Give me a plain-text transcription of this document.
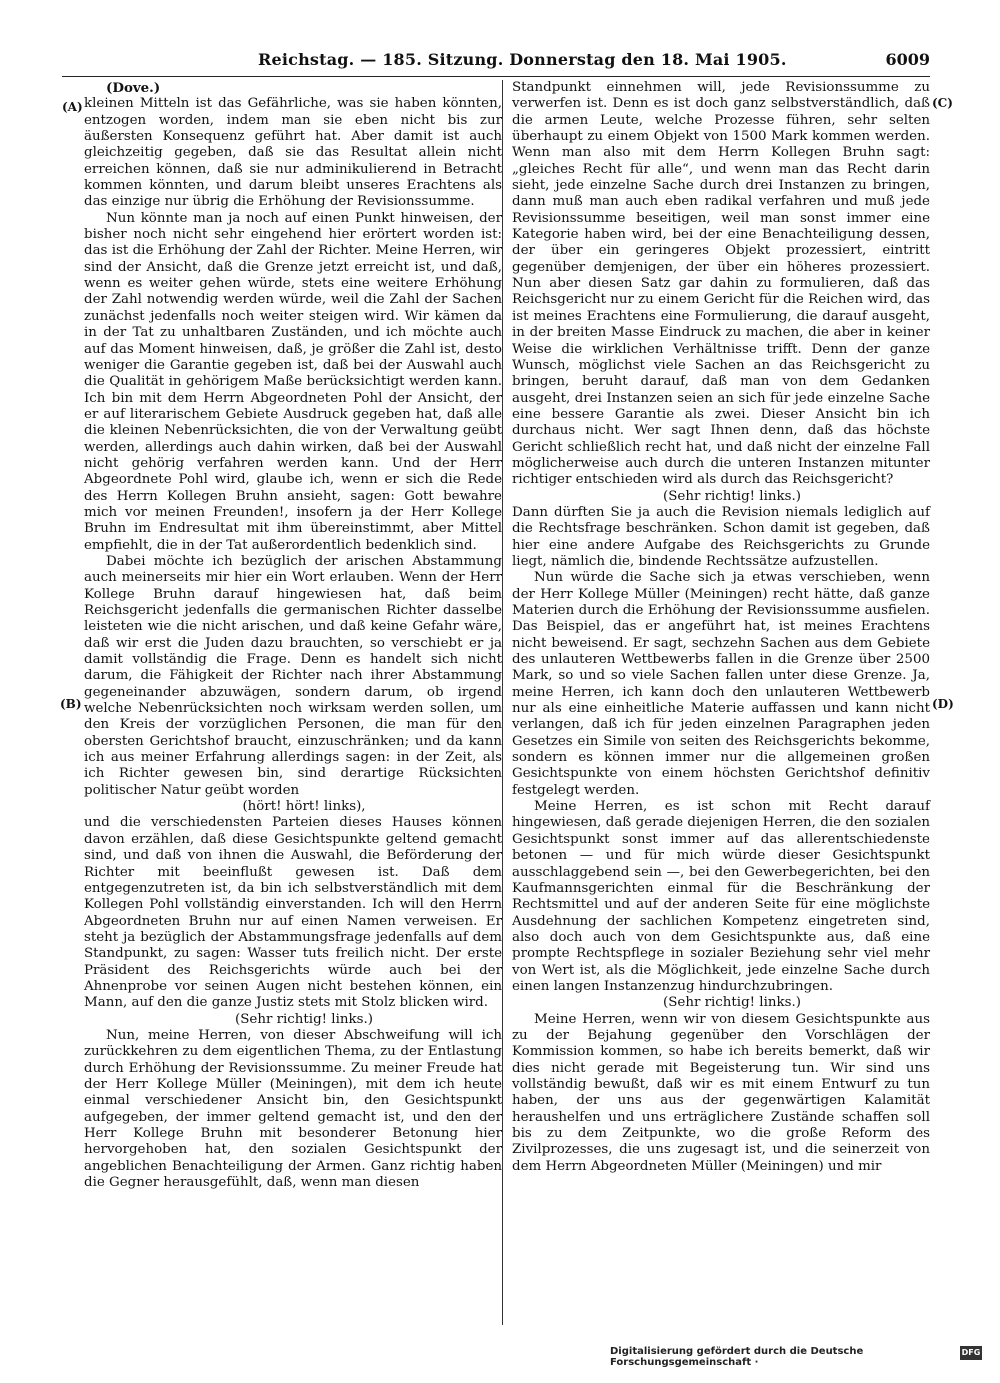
Reichstag. — 185. Sitzung. Donnerstag den 18. Mai 1905.	6009
(A)
(B)
(C)
(D)

(Dove.)

kleinen Mitteln ist das Gefährliche, was sie haben könnten, entzogen worden, indem man sie eben nicht bis zur äußersten Konsequenz geführt hat. Aber damit ist auch gleichzeitig gegeben, daß sie das Resultat allein nicht erreichen können, daß sie nur adminikulierend in Betracht kommen könnten, und darum bleibt unseres Erachtens als das einzige nur übrig die Erhöhung der Revisionssumme.

Nun könnte man ja noch auf einen Punkt hinweisen, der bisher noch nicht sehr eingehend hier erörtert worden ist: das ist die Erhöhung der Zahl der Richter. Meine Herren, wir sind der Ansicht, daß die Grenze jetzt erreicht ist, und daß, wenn es weiter gehen würde, stets eine weitere Erhöhung der Zahl notwendig werden würde, weil die Zahl der Sachen zunächst jedenfalls noch weiter steigen wird. Wir kämen da in der Tat zu unhaltbaren Zuständen, und ich möchte auch auf das Moment hinweisen, daß, je größer die Zahl ist, desto weniger die Garantie gegeben ist, daß bei der Auswahl auch die Qualität in gehörigem Maße berücksichtigt werden kann. Ich bin mit dem Herrn Abgeordneten Pohl der Ansicht, der er auf literarischem Gebiete Ausdruck gegeben hat, daß alle die kleinen Nebenrücksichten, die von der Verwaltung geübt werden, allerdings auch dahin wirken, daß bei der Auswahl nicht gehörig verfahren werden kann. Und der Herr Abgeordnete Pohl wird, glaube ich, wenn er sich die Rede des Herrn Kollegen Bruhn ansieht, sagen: Gott bewahre mich vor meinen Freunden!, insofern ja der Herr Kollege Bruhn im Endresultat mit ihm übereinstimmt, aber Mittel empfiehlt, die in der Tat außerordentlich bedenklich sind.

Dabei möchte ich bezüglich der arischen Abstammung auch meinerseits mir hier ein Wort erlauben. Wenn der Herr Kollege Bruhn darauf hingewiesen hat, daß beim Reichsgericht jedenfalls die germanischen Richter dasselbe leisteten wie die nicht arischen, und daß keine Gefahr wäre, daß wir erst die Juden dazu brauchten, so verschiebt er ja damit vollständig die Frage. Denn es handelt sich nicht darum, die Fähigkeit der Richter nach ihrer Abstammung gegeneinander abzuwägen, sondern darum, ob irgend welche Nebenrücksichten noch wirksam werden sollen, um den Kreis der vorzüglichen Personen, die man für den obersten Gerichtshof braucht, einzuschränken; und da kann ich aus meiner Erfahrung allerdings sagen: in der Zeit, als ich Richter gewesen bin, sind derartige Rücksichten politischer Natur geübt worden

(hört! hört! links),

und die verschiedensten Parteien dieses Hauses können davon erzählen, daß diese Gesichtspunkte geltend gemacht sind, und daß von ihnen die Auswahl, die Beförderung der Richter mit beeinflußt gewesen ist. Daß dem entgegenzutreten ist, da bin ich selbstverständlich mit dem Kollegen Pohl vollständig einverstanden. Ich will den Herrn Abgeordneten Bruhn nur auf einen Namen verweisen. Er steht ja bezüglich der Abstammungsfrage jedenfalls auf dem Standpunkt, zu sagen: Wasser tuts freilich nicht. Der erste Präsident des Reichsgerichts würde auch bei der Ahnenprobe vor seinen Augen nicht bestehen können, ein Mann, auf den die ganze Justiz stets mit Stolz blicken wird.

(Sehr richtig! links.)

Nun, meine Herren, von dieser Abschweifung will ich zurückkehren zu dem eigentlichen Thema, zu der Entlastung durch Erhöhung der Revisionssumme. Zu meiner Freude hat der Herr Kollege Müller (Meiningen), mit dem ich heute einmal verschiedener Ansicht bin, den Gesichtspunkt aufgegeben, der immer geltend gemacht ist, und den der Herr Kollege Bruhn mit besonderer Betonung hier hervorgehoben hat, den sozialen Gesichtspunkt der angeblichen Benachteiligung der Armen. Ganz richtig haben die Gegner herausgefühlt, daß, wenn man diesen

Standpunkt einnehmen will, jede Revisionssumme zu verwerfen ist. Denn es ist doch ganz selbstverständlich, daß die armen Leute, welche Prozesse führen, sehr selten überhaupt zu einem Objekt von 1500 Mark kommen werden. Wenn man also mit dem Herrn Kollegen Bruhn sagt: „gleiches Recht für alle“, und wenn man das Recht darin sieht, jede einzelne Sache durch drei Instanzen zu bringen, dann muß man auch eben radikal verfahren und muß jede Revisionssumme beseitigen, weil man sonst immer eine Kategorie haben wird, bei der eine Benachteiligung dessen, der über ein geringeres Objekt prozessiert, eintritt gegenüber demjenigen, der über ein höheres prozessiert. Nun aber diesen Satz gar dahin zu formulieren, daß das Reichsgericht nur zu einem Gericht für die Reichen wird, das ist meines Erachtens eine Formulierung, die darauf ausgeht, in der breiten Masse Eindruck zu machen, die aber in keiner Weise die wirklichen Verhältnisse trifft. Denn der ganze Wunsch, möglichst viele Sachen an das Reichsgericht zu bringen, beruht darauf, daß man von dem Gedanken ausgeht, drei Instanzen seien an sich für jede einzelne Sache eine bessere Garantie als zwei. Dieser Ansicht bin ich durchaus nicht. Wer sagt Ihnen denn, daß das höchste Gericht schließlich recht hat, und daß nicht der einzelne Fall möglicherweise auch durch die unteren Instanzen mitunter richtiger entschieden wird als durch das Reichsgericht?

(Sehr richtig! links.)

Dann dürften Sie ja auch die Revision niemals lediglich auf die Rechtsfrage beschränken. Schon damit ist gegeben, daß hier eine andere Aufgabe des Reichsgerichts zu Grunde liegt, nämlich die, bindende Rechtssätze aufzustellen.

Nun würde die Sache sich ja etwas verschieben, wenn der Herr Kollege Müller (Meiningen) recht hätte, daß ganze Materien durch die Erhöhung der Revisionssumme ausfielen. Das Beispiel, das er angeführt hat, ist meines Erachtens nicht beweisend. Er sagt, sechzehn Sachen aus dem Gebiete des unlauteren Wettbewerbs fallen in die Grenze über 2500 Mark, so und so viele Sachen fallen unter diese Grenze. Ja, meine Herren, ich kann doch den unlauteren Wettbewerb nur als eine einheitliche Materie auffassen und kann nicht verlangen, daß ich für jeden einzelnen Paragraphen jeden Gesetzes ein Simile von seiten des Reichsgerichts bekomme, sondern es können immer nur die allgemeinen großen Gesichtspunkte von einem höchsten Gerichtshof definitiv festgelegt werden.

Meine Herren, es ist schon mit Recht darauf hingewiesen, daß gerade diejenigen Herren, die den sozialen Gesichtspunkt sonst immer auf das allerentschiedenste betonen — und für mich würde dieser Gesichtspunkt ausschlaggebend sein —, bei den Gewerbegerichten, bei den Kaufmannsgerichten einmal für die Beschränkung der Rechtsmittel und auf der anderen Seite für eine möglichste Ausdehnung der sachlichen Kompetenz eingetreten sind, also doch auch von dem Gesichtspunkte aus, daß eine prompte Rechtspflege in sozialer Beziehung sehr viel mehr von Wert ist, als die Möglichkeit, jede einzelne Sache durch einen langen Instanzenzug hindurchzubringen.

(Sehr richtig! links.)

Meine Herren, wenn wir von diesem Gesichtspunkte aus zu der Bejahung gegenüber den Vorschlägen der Kommission kommen, so habe ich bereits bemerkt, daß wir dies nicht gerade mit Begeisterung tun. Wir sind uns vollständig bewußt, daß wir es mit einem Entwurf zu tun haben, der uns aus der gegenwärtigen Kalamität heraushelfen und uns erträglichere Zustände schaffen soll bis zu dem Zeitpunkte, wo die große Reform des Zivilprozesses, die uns zugesagt ist, und die seinerzeit von dem Herrn Abgeordneten Müller (Meiningen) und mir

Digitalisierung gefördert durch die Deutsche Forschungsgemeinschaft ·
DFG
